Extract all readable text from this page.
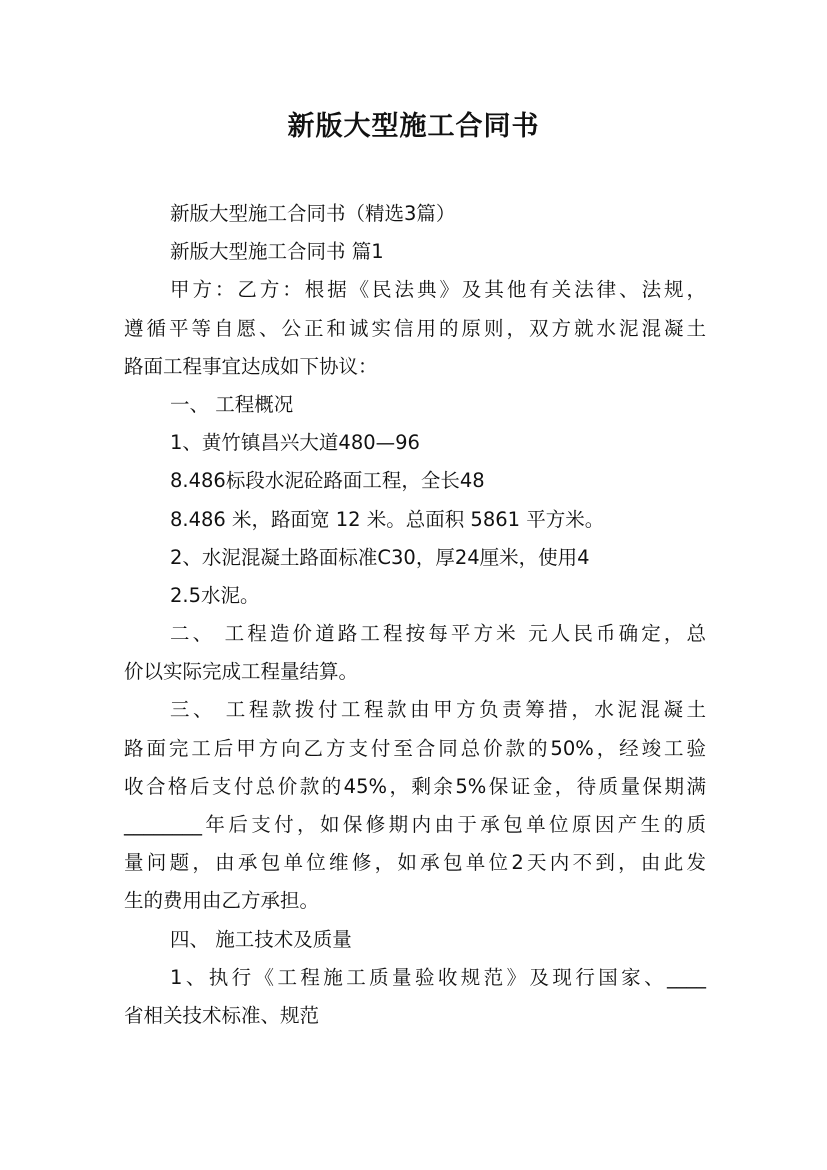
新版大型施工合同书
新版大型施工合同书（精选3篇）
新版大型施工合同书 篇1
甲方：乙方：根据《民法典》及其他有关法律、法规，
遵循平等自愿、公正和诚实信用的原则，双方就水泥混凝土
路面工程事宜达成如下协议：
一、 工程概况
1、黄竹镇昌兴大道480—96
8.486标段水泥砼路面工程，全长48
8.486 米，路面宽 12 米。总面积 5861 平方米。
2、水泥混凝土路面标准C30，厚24厘米，使用4
2.5水泥。
二、 工程造价道路工程按每平方米 元人民币确定，总
价以实际完成工程量结算。
三、 工程款拨付工程款由甲方负责筹措，水泥混凝土
路面完工后甲方向乙方支付至合同总价款的50%，经竣工验
收合格后支付总价款的45%，剩余5%保证金，待质量保期满
________年后支付，如保修期内由于承包单位原因产生的质
量问题，由承包单位维修，如承包单位2天内不到，由此发
生的费用由乙方承担。
四、 施工技术及质量
1、执行《工程施工质量验收规范》及现行国家、____
省相关技术标准、规范
